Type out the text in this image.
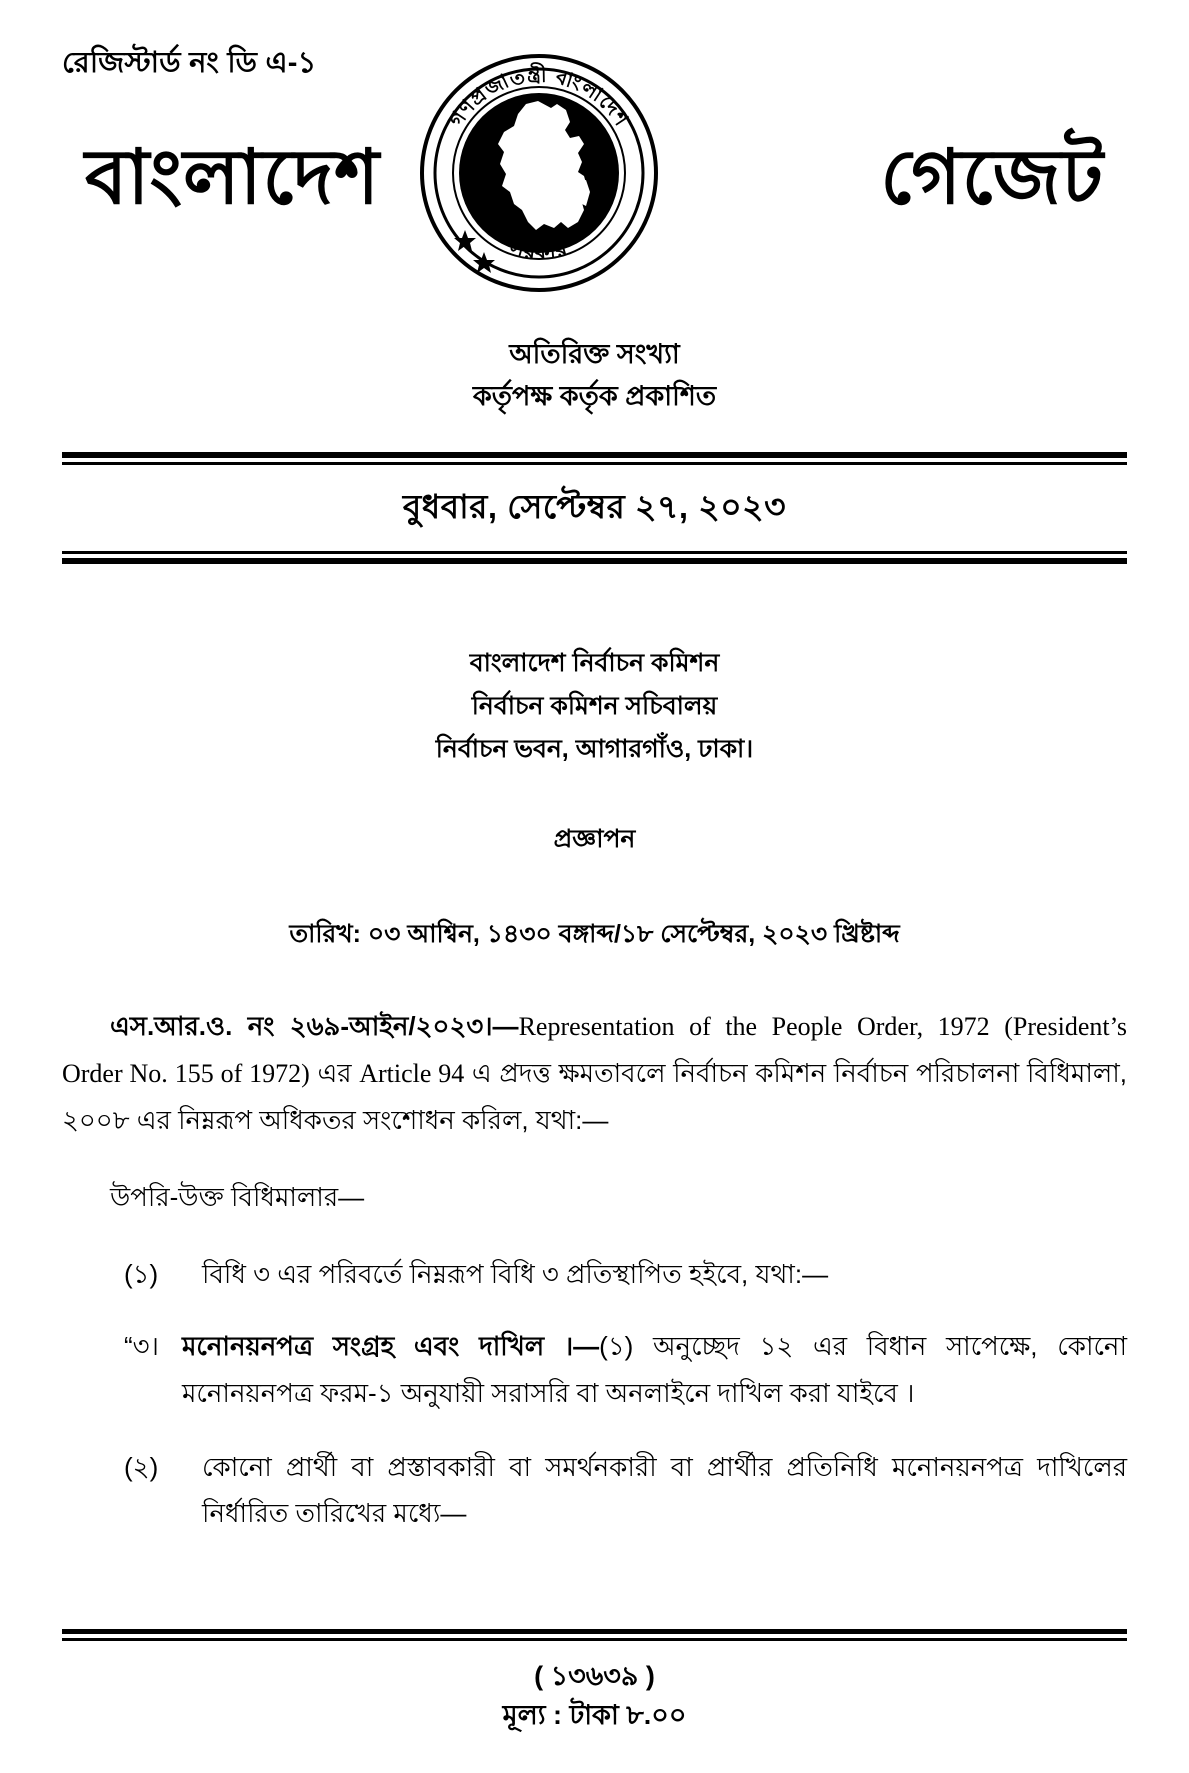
রেজিস্টার্ড নং ডি এ-১
বাংলাদেশ	গেজেট
গণপ্রজাতন্ত্রী বাংলাদেশ
সরকার
অতিরিক্ত সংখ্যা
কর্তৃপক্ষ কর্তৃক প্রকাশিত
বুধবার, সেপ্টেম্বর ২৭, ২০২৩
বাংলাদেশ নির্বাচন কমিশন
নির্বাচন কমিশন সচিবালয়
নির্বাচন ভবন, আগারগাঁও, ঢাকা।
প্রজ্ঞাপন
তারিখ: ০৩ আশ্বিন, ১৪৩০ বঙ্গাব্দ/১৮ সেপ্টেম্বর, ২০২৩ খ্রিষ্টাব্দ

এস.আর.ও. নং ২৬৯-আইন/২০২৩।—Representation of the People Order, 1972 (President’s Order No. 155 of 1972) এর Article 94 এ প্রদত্ত ক্ষমতাবলে নির্বাচন কমিশন নির্বাচন পরিচালনা বিধিমালা, ২০০৮ এর নিম্নরূপ অধিকতর সংশোধন করিল, যথা:—

উপরি-উক্ত বিধিমালার—

(১)	বিধি ৩ এর পরিবর্তে নিম্নরূপ বিধি ৩ প্রতিস্থাপিত হইবে, যথা:—
“৩। মনোনয়নপত্র সংগ্রহ এবং দাখিল ।—(১) অনুচ্ছেদ ১২ এর বিধান সাপেক্ষে, কোনো মনোনয়নপত্র ফরম-১ অনুযায়ী সরাসরি বা অনলাইনে দাখিল করা যাইবে ।
(২)	কোনো প্রার্থী বা প্রস্তাবকারী বা সমর্থনকারী বা প্রার্থীর প্রতিনিধি মনোনয়নপত্র দাখিলের নির্ধারিত তারিখের মধ্যে—
( ১৩৬৩৯ )
মূল্য : টাকা ৮.০০
